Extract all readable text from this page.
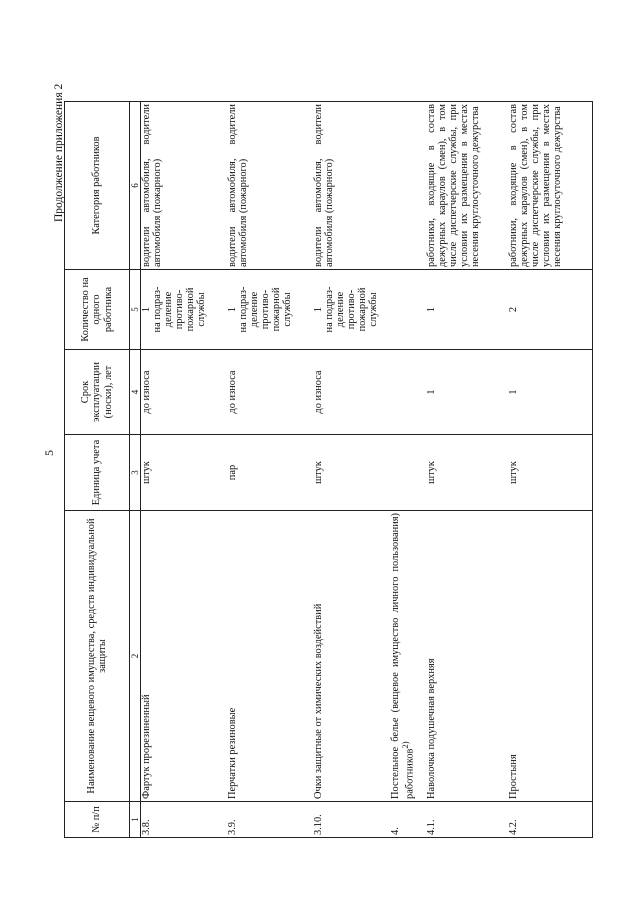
5
Продолжение приложения 2
№ п/п	Наименование вещевого имущества, средств индивидуальной защиты	Единица учета	Срок эксплуатации (носки), лет	Количество на одного работника	Категория работников
1	2	3	4	5	6
3.8.	Фартук прорезиненный	штук	до износа	1 на подраз-деление противо-пожарной службы	водители автомобиля, водители автомобиля (пожарного)
3.9.	Перчатки резиновые	пар	до износа	1 на подраз-деление противо-пожарной службы	водители автомобиля, водители автомобиля (пожарного)
3.10.	Очки защитные от химических воздействий	штук	до износа	1 на подраз-деление противо-пожарной службы	водители автомобиля, водители автомобиля (пожарного)
4.	Постельное белье (вещевое имущество личного пользования) работников$^{2)}$				
4.1.	Наволочка подушечная верхняя	штук	1	1	работники, входящие в состав дежурных караулов (смен), в том числе диспетчерские службы, при условии их размещения в местах несения круглосуточного дежурства
4.2.	Простыня	штук	1	2	работники, входящие в состав дежурных караулов (смен), в том числе диспетчерские службы, при условии их размещения в местах несения круглосуточного дежурства
